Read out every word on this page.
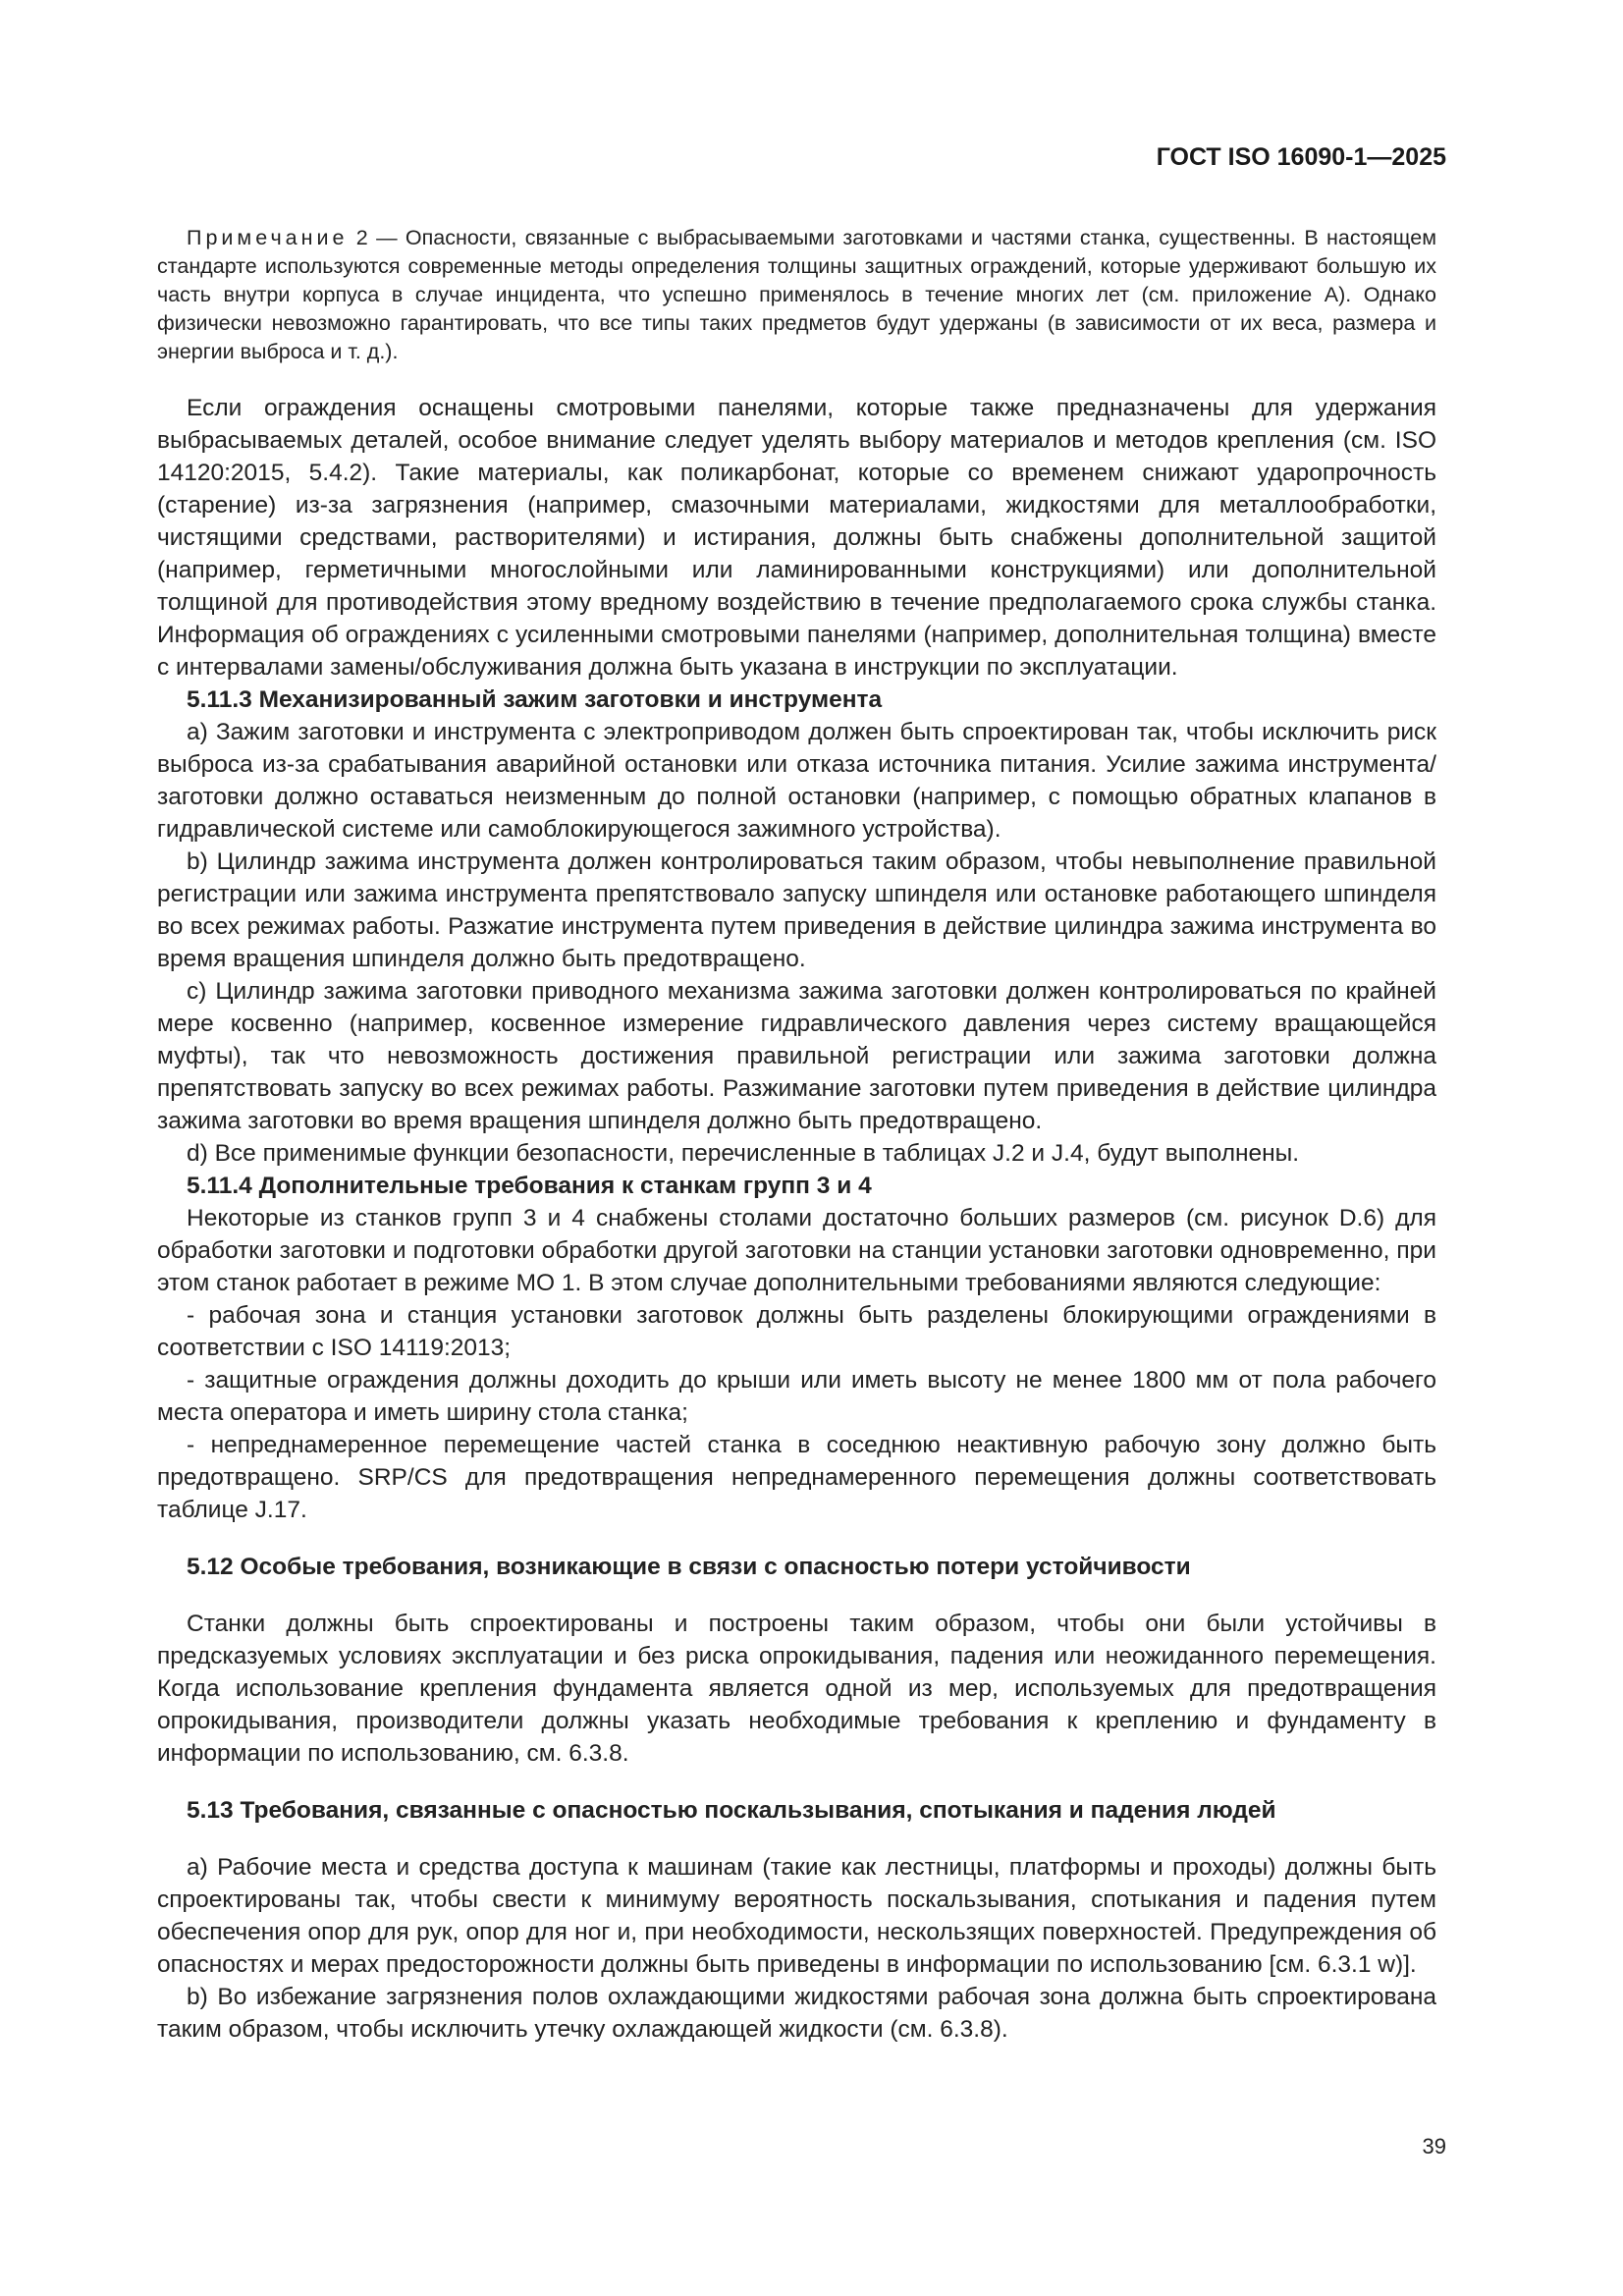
ГОСТ ISO 16090-1—2025

Примечание 2 — Опасности, связанные с выбрасываемыми заготовками и частями станка, существенны. В настоящем стандарте используются современные методы определения толщины защитных ограждений, которые удерживают большую их часть внутри корпуса в случае инцидента, что успешно применялось в течение многих лет (см. приложение А). Однако физически невозможно гарантировать, что все типы таких предметов будут удержаны (в зависимости от их веса, размера и энергии выброса и т. д.).

Если ограждения оснащены смотровыми панелями, которые также предназначены для удержания выбрасываемых деталей, особое внимание следует уделять выбору материалов и методов крепления (см. ISO 14120:2015, 5.4.2). Такие материалы, как поликарбонат, которые со временем снижают ударопрочность (старение) из-за загрязнения (например, смазочными материалами, жидкостями для металлообработки, чистящими средствами, растворителями) и истирания, должны быть снабжены дополнительной защитой (например, герметичными многослойными или ламинированными конструкциями) или дополнительной толщиной для противодействия этому вредному воздействию в течение предполагаемого срока службы станка. Информация об ограждениях с усиленными смотровыми панелями (например, дополнительная толщина) вместе с интервалами замены/обслуживания должна быть указана в инструкции по эксплуатации.

5.11.3 Механизированный зажим заготовки и инструмента

а) Зажим заготовки и инструмента с электроприводом должен быть спроектирован так, чтобы исключить риск выброса из-за срабатывания аварийной остановки или отказа источника питания. Усилие зажима инструмента/заготовки должно оставаться неизменным до полной остановки (например, с помощью обратных клапанов в гидравлической системе или самоблокирующегося зажимного устройства).

b) Цилиндр зажима инструмента должен контролироваться таким образом, чтобы невыполнение правильной регистрации или зажима инструмента препятствовало запуску шпинделя или остановке работающего шпинделя во всех режимах работы. Разжатие инструмента путем приведения в действие цилиндра зажима инструмента во время вращения шпинделя должно быть предотвращено.

с) Цилиндр зажима заготовки приводного механизма зажима заготовки должен контролироваться по крайней мере косвенно (например, косвенное измерение гидравлического давления через систему вращающейся муфты), так что невозможность достижения правильной регистрации или зажима заготовки должна препятствовать запуску во всех режимах работы. Разжимание заготовки путем приведения в действие цилиндра зажима заготовки во время вращения шпинделя должно быть предотвращено.

d) Все применимые функции безопасности, перечисленные в таблицах J.2 и J.4, будут выполнены.

5.11.4 Дополнительные требования к станкам групп 3 и 4

Некоторые из станков групп 3 и 4 снабжены столами достаточно больших размеров (см. рисунок D.6) для обработки заготовки и подготовки обработки другой заготовки на станции установки заготовки одновременно, при этом станок работает в режиме МО 1. В этом случае дополнительными требованиями являются следующие:

- рабочая зона и станция установки заготовок должны быть разделены блокирующими ограждениями в соответствии с ISO 14119:2013;

- защитные ограждения должны доходить до крыши или иметь высоту не менее 1800 мм от пола рабочего места оператора и иметь ширину стола станка;

- непреднамеренное перемещение частей станка в соседнюю неактивную рабочую зону должно быть предотвращено. SRP/CS для предотвращения непреднамеренного перемещения должны соответствовать таблице J.17.

5.12 Особые требования, возникающие в связи с опасностью потери устойчивости

Станки должны быть спроектированы и построены таким образом, чтобы они были устойчивы в предсказуемых условиях эксплуатации и без риска опрокидывания, падения или неожиданного перемещения. Когда использование крепления фундамента является одной из мер, используемых для предотвращения опрокидывания, производители должны указать необходимые требования к креплению и фундаменту в информации по использованию, см. 6.3.8.

5.13 Требования, связанные с опасностью поскальзывания, спотыкания и падения людей

а) Рабочие места и средства доступа к машинам (такие как лестницы, платформы и проходы) должны быть спроектированы так, чтобы свести к минимуму вероятность поскальзывания, спотыкания и падения путем обеспечения опор для рук, опор для ног и, при необходимости, нескользящих поверхностей. Предупреждения об опасностях и мерах предосторожности должны быть приведены в информации по использованию [см. 6.3.1 w)].

b) Во избежание загрязнения полов охлаждающими жидкостями рабочая зона должна быть спроектирована таким образом, чтобы исключить утечку охлаждающей жидкости (см. 6.3.8).

39
